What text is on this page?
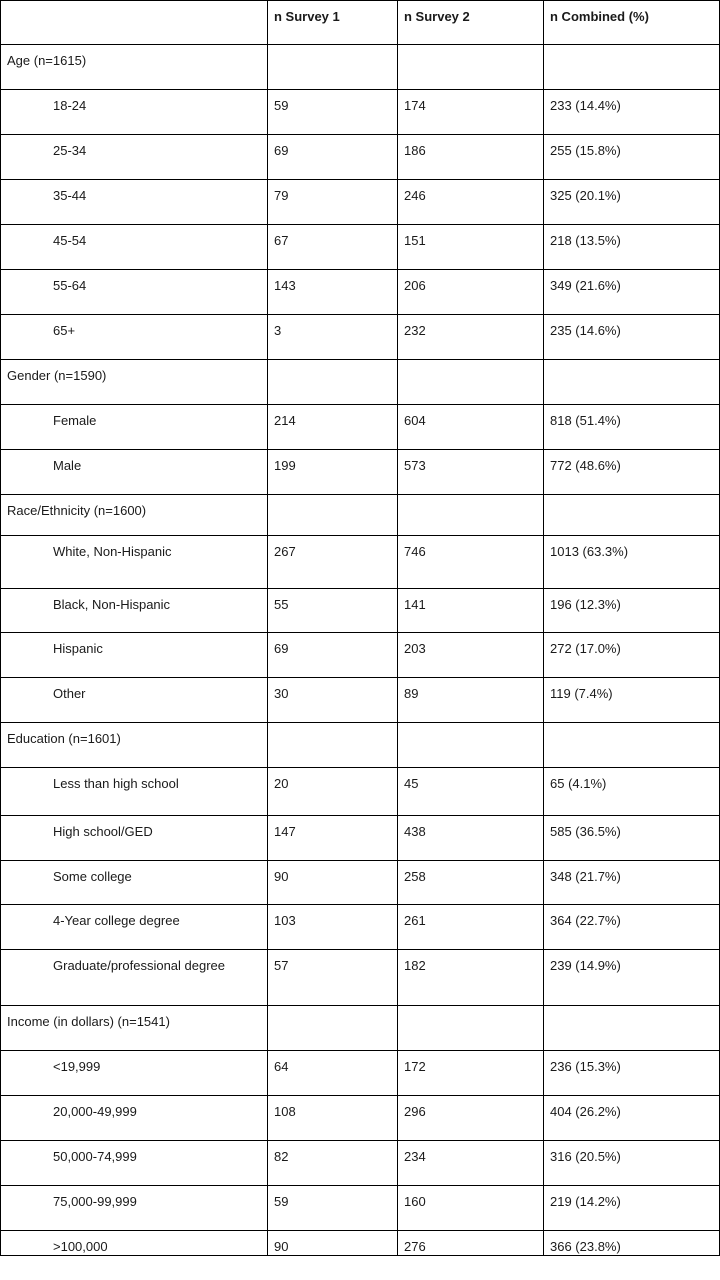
	n Survey 1	n Survey 2	n Combined (%)
Age (n=1615)			
18-24	59	174	233 (14.4%)
25-34	69	186	255 (15.8%)
35-44	79	246	325 (20.1%)
45-54	67	151	218 (13.5%)
55-64	143	206	349 (21.6%)
65+	3	232	235 (14.6%)
Gender (n=1590)			
Female	214	604	818 (51.4%)
Male	199	573	772 (48.6%)
Race/Ethnicity (n=1600)			
White, Non-Hispanic	267	746	1013 (63.3%)
Black, Non-Hispanic	55	141	196 (12.3%)
Hispanic	69	203	272 (17.0%)
Other	30	89	119 (7.4%)
Education (n=1601)			
Less than high school	20	45	65 (4.1%)
High school/GED	147	438	585 (36.5%)
Some college	90	258	348 (21.7%)
4-Year college degree	103	261	364 (22.7%)
Graduate/professional degree	57	182	239 (14.9%)
Income (in dollars) (n=1541)			
<19,999	64	172	236 (15.3%)
20,000-49,999	108	296	404 (26.2%)
50,000-74,999	82	234	316 (20.5%)
75,000-99,999	59	160	219 (14.2%)
>100,000	90	276	366 (23.8%)
